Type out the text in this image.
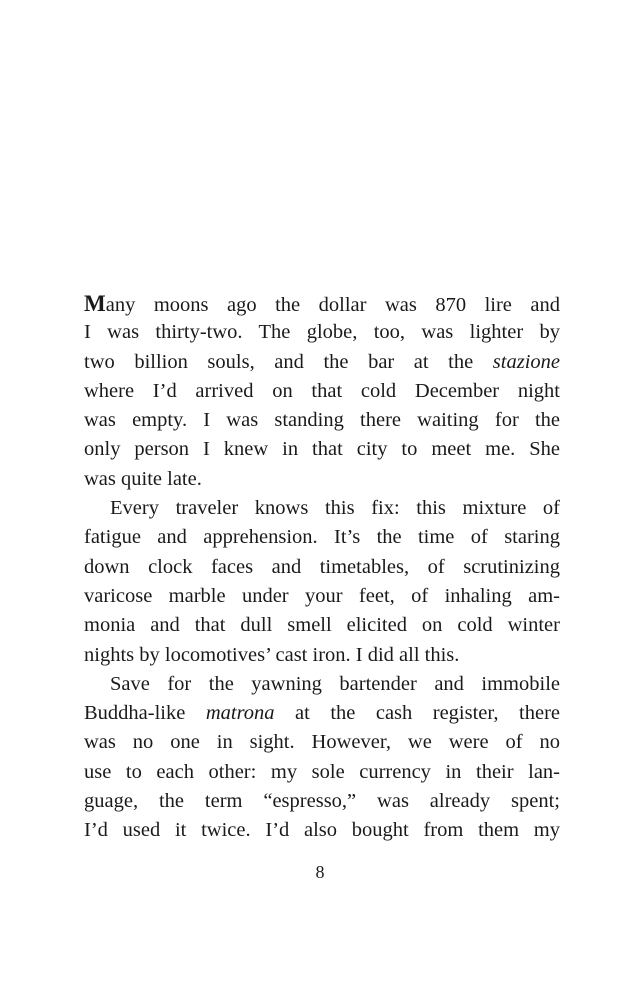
Many moons ago the dollar was 870 lire and
I was thirty-two. The globe, too, was lighter by
two billion souls, and the bar at the stazione
where I’d arrived on that cold December night
was empty. I was standing there waiting for the
only person I knew in that city to meet me. She
was quite late.
Every traveler knows this fix: this mixture of
fatigue and apprehension. It’s the time of staring
down clock faces and timetables, of scrutinizing
varicose marble under your feet, of inhaling am-
monia and that dull smell elicited on cold winter
nights by locomotives’ cast iron. I did all this.
Save for the yawning bartender and immobile
Buddha-like matrona at the cash register, there
was no one in sight. However, we were of no
use to each other: my sole currency in their lan-
guage, the term “espresso,” was already spent;
I’d used it twice. I’d also bought from them my
8
